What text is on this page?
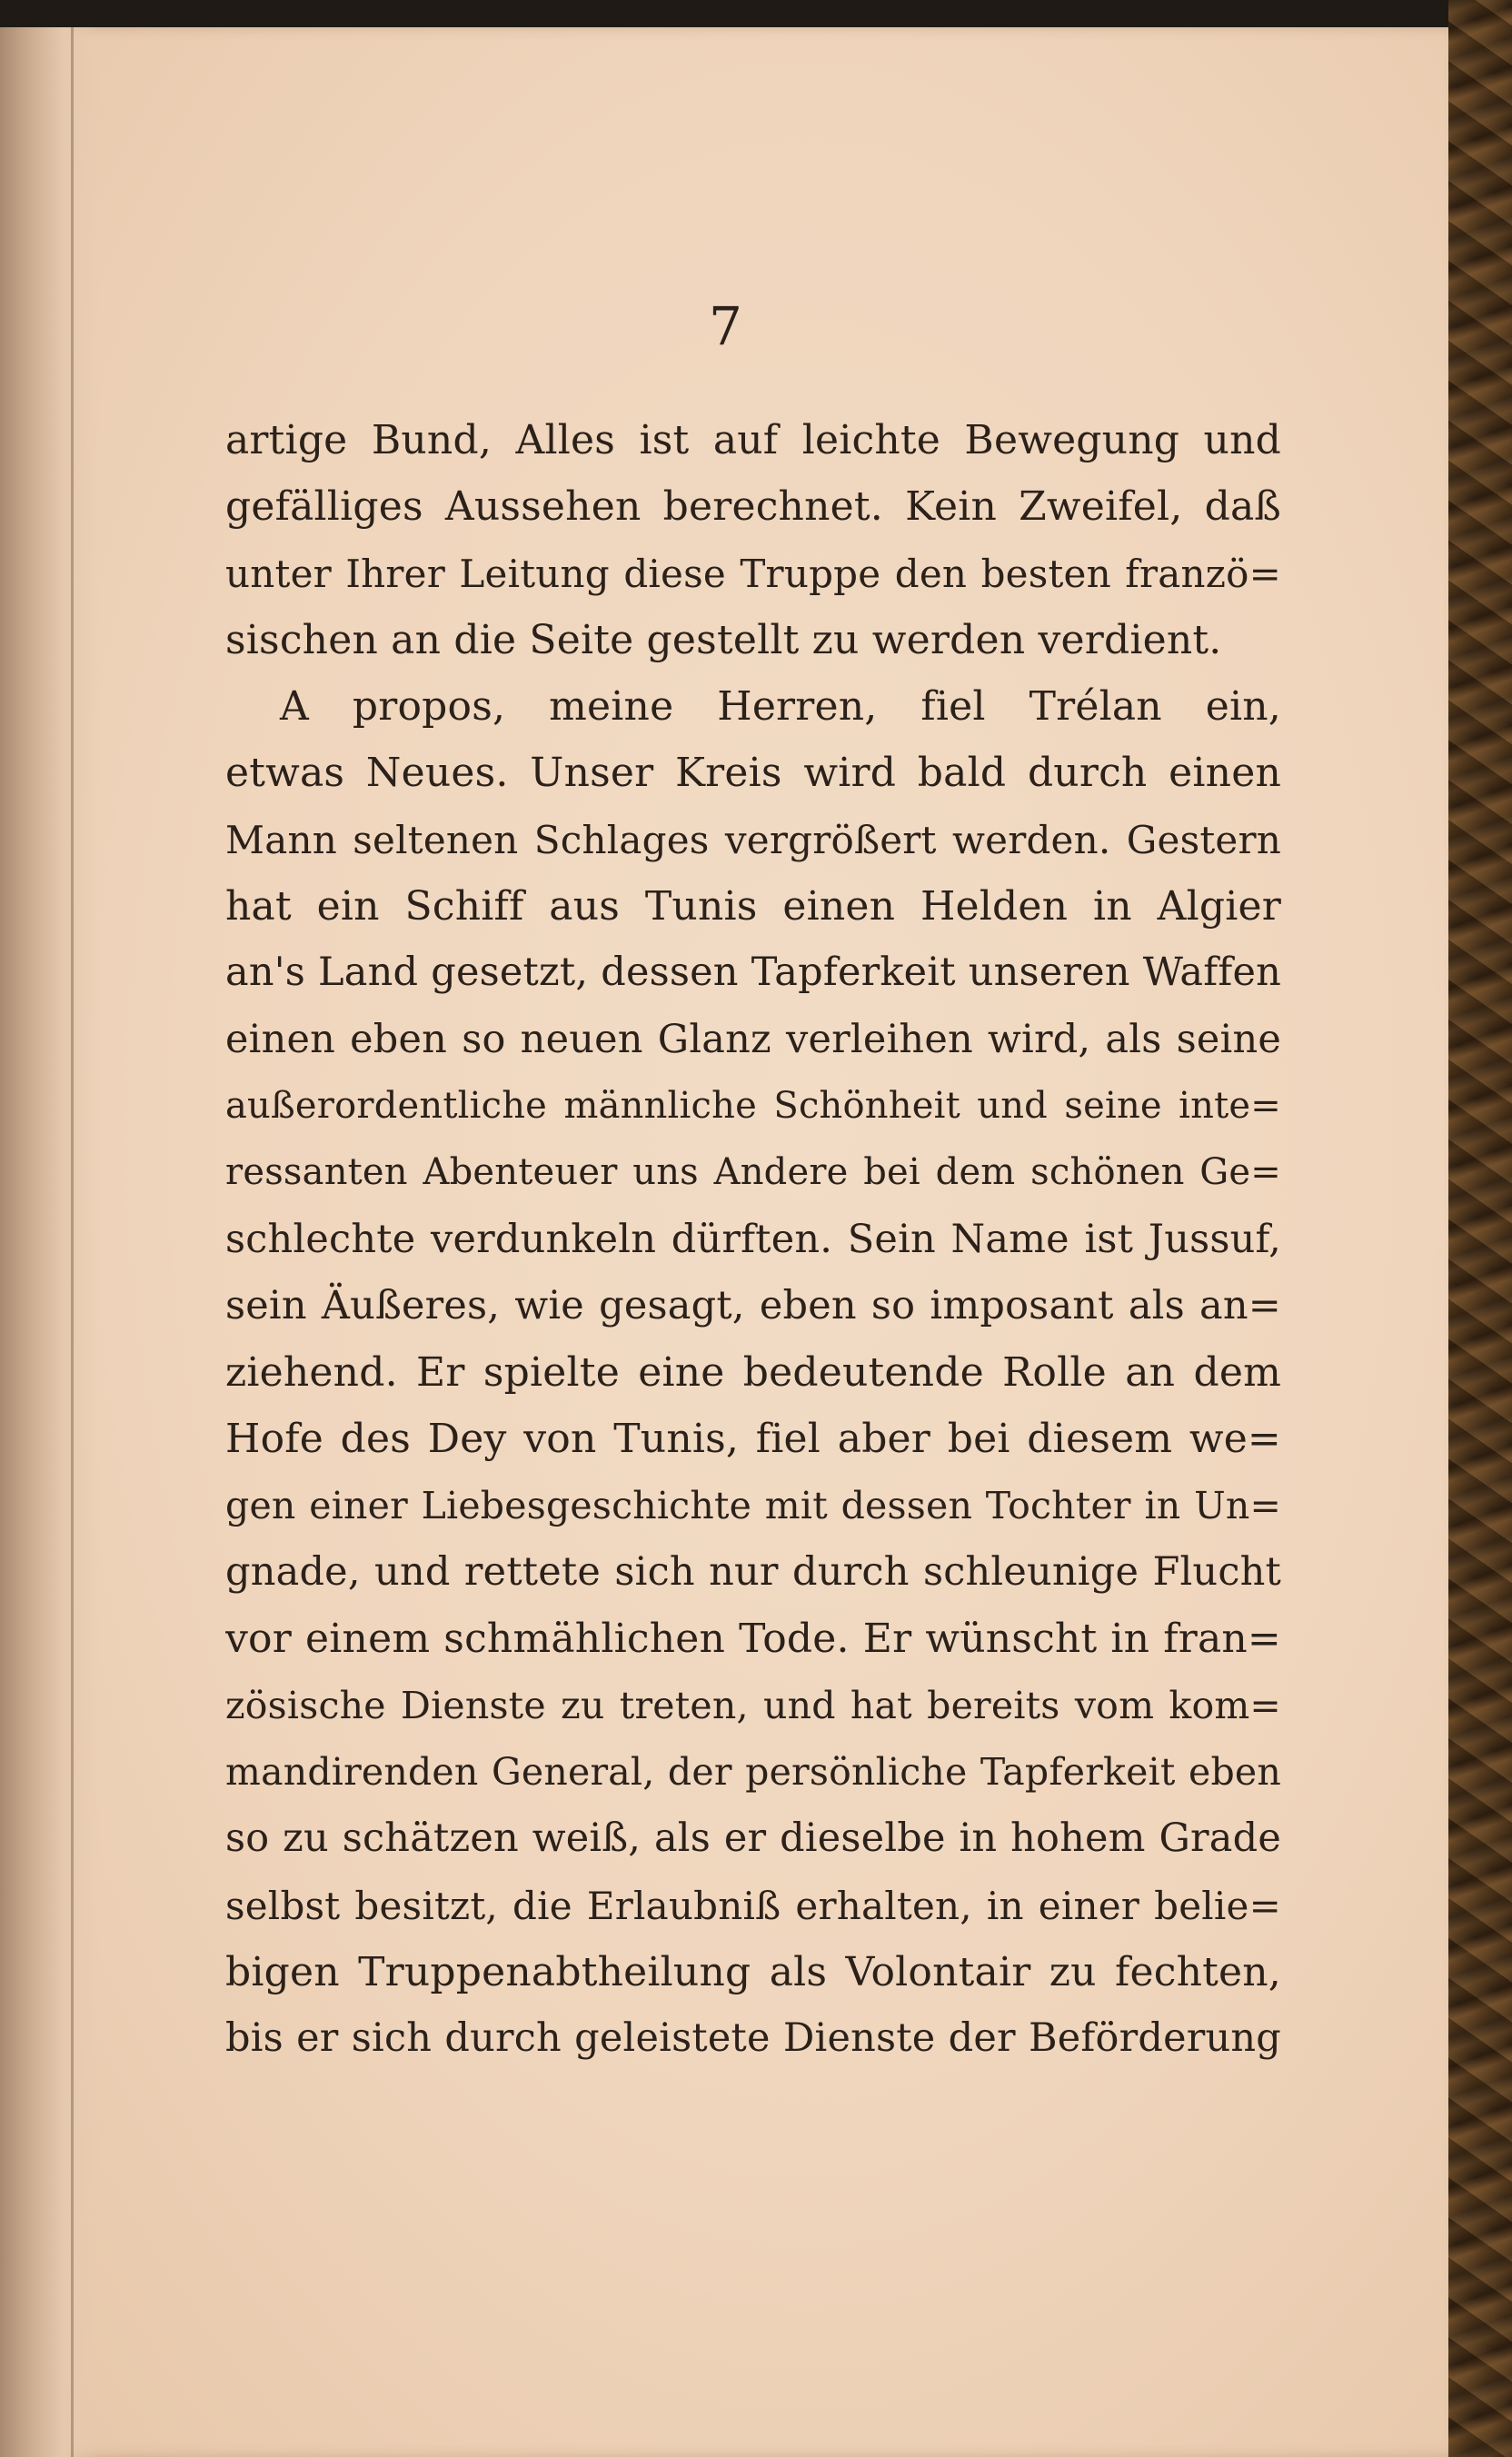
7
artige Bund, Alles ist auf leichte Bewegung und
gefälliges Aussehen berechnet. Kein Zweifel, daß
unter Ihrer Leitung diese Truppe den besten franzö=
sischen an die Seite gestellt zu werden verdient.
A propos, meine Herren, fiel Trélan ein,
etwas Neues. Unser Kreis wird bald durch einen
Mann seltenen Schlages vergrößert werden. Gestern
hat ein Schiff aus Tunis einen Helden in Algier
an's Land gesetzt, dessen Tapferkeit unseren Waffen
einen eben so neuen Glanz verleihen wird, als seine
außerordentliche männliche Schönheit und seine inte=
ressanten Abenteuer uns Andere bei dem schönen Ge=
schlechte verdunkeln dürften. Sein Name ist Jussuf,
sein Äußeres, wie gesagt, eben so imposant als an=
ziehend. Er spielte eine bedeutende Rolle an dem
Hofe des Dey von Tunis, fiel aber bei diesem we=
gen einer Liebesgeschichte mit dessen Tochter in Un=
gnade, und rettete sich nur durch schleunige Flucht
vor einem schmählichen Tode. Er wünscht in fran=
zösische Dienste zu treten, und hat bereits vom kom=
mandirenden General, der persönliche Tapferkeit eben
so zu schätzen weiß, als er dieselbe in hohem Grade
selbst besitzt, die Erlaubniß erhalten, in einer belie=
bigen Truppenabtheilung als Volontair zu fechten,
bis er sich durch geleistete Dienste der Beförderung
